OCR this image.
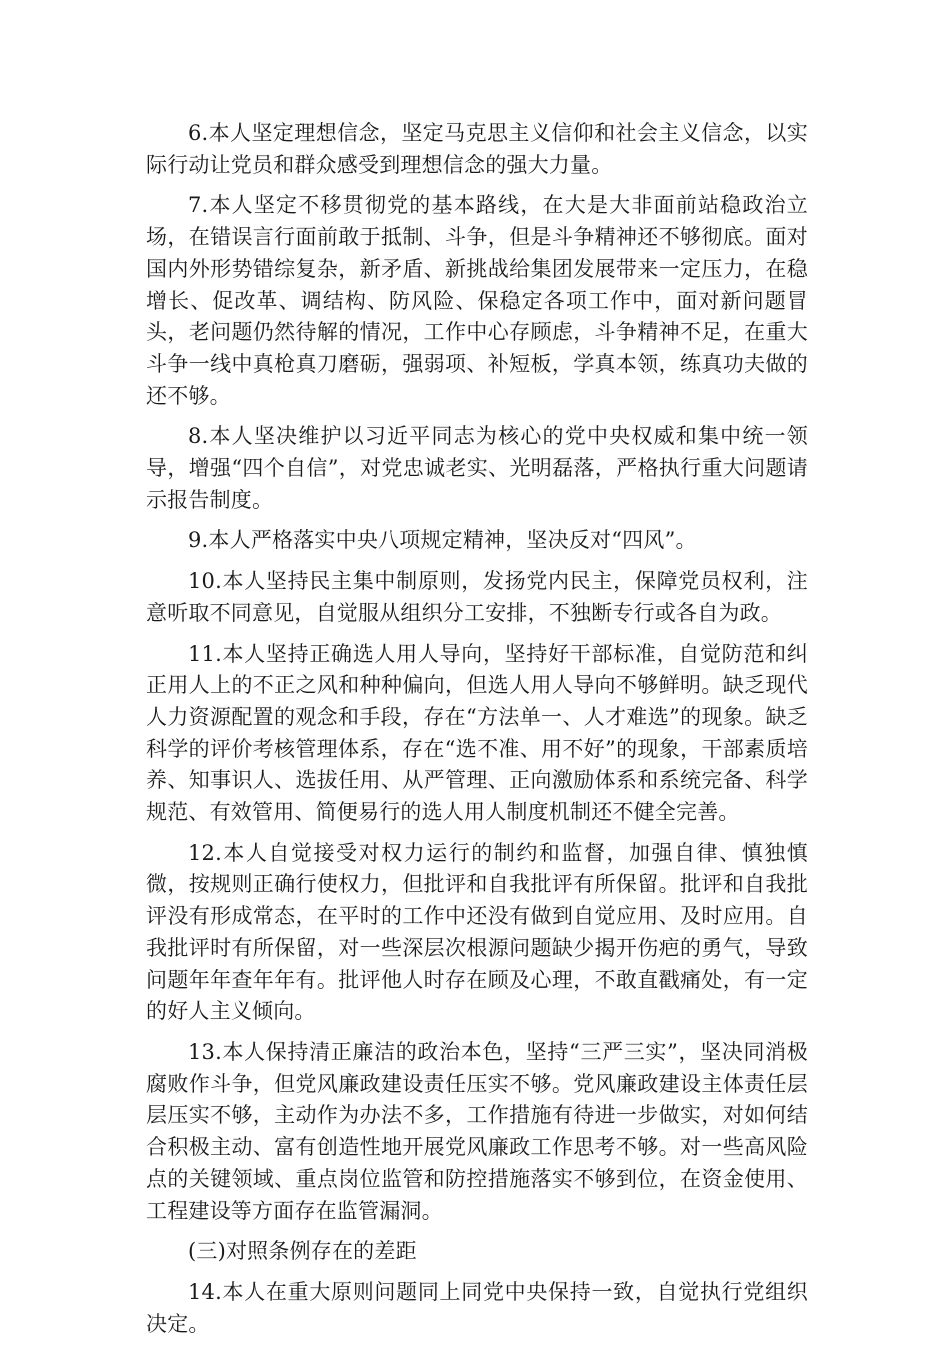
6.本人坚定理想信念，坚定马克思主义信仰和社会主义信念，以实际行动让党员和群众感受到理想信念的强大力量。

7.本人坚定不移贯彻党的基本路线，在大是大非面前站稳政治立场，在错误言行面前敢于抵制、斗争，但是斗争精神还不够彻底。面对国内外形势错综复杂，新矛盾、新挑战给集团发展带来一定压力，在稳增长、促改革、调结构、防风险、保稳定各项工作中，面对新问题冒头，老问题仍然待解的情况，工作中心存顾虑，斗争精神不足，在重大斗争一线中真枪真刀磨砺，强弱项、补短板，学真本领，练真功夫做的还不够。

8.本人坚决维护以习近平同志为核心的党中央权威和集中统一领导，增强“四个自信”，对党忠诚老实、光明磊落，严格执行重大问题请示报告制度。

9.本人严格落实中央八项规定精神，坚决反对“四风”。

10.本人坚持民主集中制原则，发扬党内民主，保障党员权利，注意听取不同意见，自觉服从组织分工安排，不独断专行或各自为政。

11.本人坚持正确选人用人导向，坚持好干部标准，自觉防范和纠正用人上的不正之风和种种偏向，但选人用人导向不够鲜明。缺乏现代人力资源配置的观念和手段，存在“方法单一、人才难选”的现象。缺乏科学的评价考核管理体系，存在“选不准、用不好”的现象，干部素质培养、知事识人、选拔任用、从严管理、正向激励体系和系统完备、科学规范、有效管用、简便易行的选人用人制度机制还不健全完善。

12.本人自觉接受对权力运行的制约和监督，加强自律、慎独慎微，按规则正确行使权力，但批评和自我批评有所保留。批评和自我批评没有形成常态，在平时的工作中还没有做到自觉应用、及时应用。自我批评时有所保留，对一些深层次根源问题缺少揭开伤疤的勇气，导致问题年年查年年有。批评他人时存在顾及心理，不敢直戳痛处，有一定的好人主义倾向。

13.本人保持清正廉洁的政治本色，坚持“三严三实”，坚决同消极腐败作斗争，但党风廉政建设责任压实不够。党风廉政建设主体责任层层压实不够，主动作为办法不多，工作措施有待进一步做实，对如何结合积极主动、富有创造性地开展党风廉政工作思考不够。对一些高风险点的关键领域、重点岗位监管和防控措施落实不够到位，在资金使用、工程建设等方面存在监管漏洞。

(三)对照条例存在的差距

14.本人在重大原则问题同上同党中央保持一致，自觉执行党组织决定。
